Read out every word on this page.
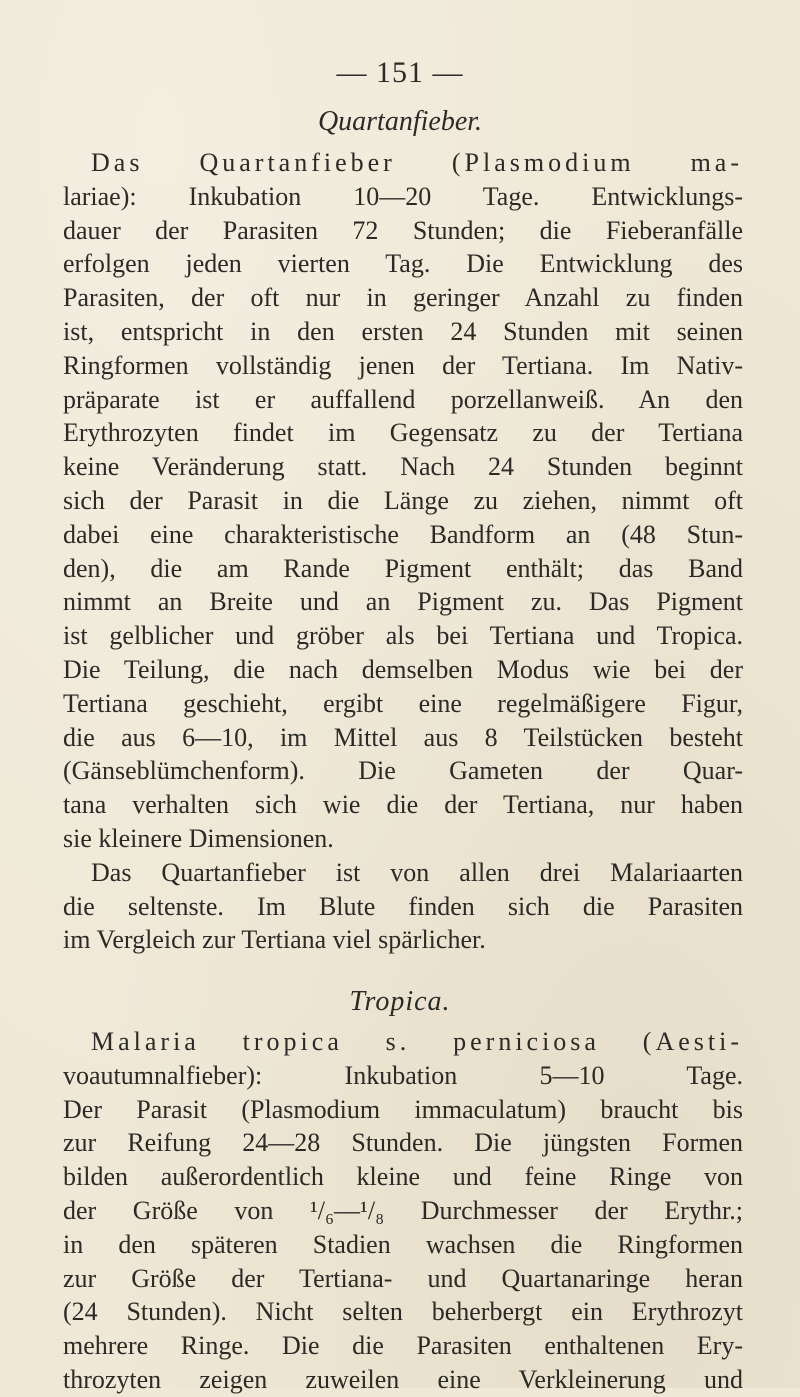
— 151 —
Quartanfieber.
Das Quartanfieber (Plasmodium ma-
lariae): Inkubation 10—20 Tage. Entwicklungs-
dauer der Parasiten 72 Stunden; die Fieberanfälle
erfolgen jeden vierten Tag. Die Entwicklung des
Parasiten, der oft nur in geringer Anzahl zu finden
ist, entspricht in den ersten 24 Stunden mit seinen
Ringformen vollständig jenen der Tertiana. Im Nativ-
präparate ist er auffallend porzellanweiß. An den
Erythrozyten findet im Gegensatz zu der Tertiana
keine Veränderung statt. Nach 24 Stunden beginnt
sich der Parasit in die Länge zu ziehen, nimmt oft
dabei eine charakteristische Bandform an (48 Stun-
den), die am Rande Pigment enthält; das Band
nimmt an Breite und an Pigment zu. Das Pigment
ist gelblicher und gröber als bei Tertiana und Tropica.
Die Teilung, die nach demselben Modus wie bei der
Tertiana geschieht, ergibt eine regelmäßigere Figur,
die aus 6—10, im Mittel aus 8 Teilstücken besteht
(Gänseblümchenform). Die Gameten der Quar-
tana verhalten sich wie die der Tertiana, nur haben
sie kleinere Dimensionen.
Das Quartanfieber ist von allen drei Malariaarten
die seltenste. Im Blute finden sich die Parasiten
im Vergleich zur Tertiana viel spärlicher.
Tropica.
Malaria tropica s. perniciosa (Aesti-
voautumnalfieber): Inkubation 5—10 Tage.
Der Parasit (Plasmodium immaculatum) braucht bis
zur Reifung 24—28 Stunden. Die jüngsten Formen
bilden außerordentlich kleine und feine Ringe von
der Größe von ¹/₆—¹/₈ Durchmesser der Erythr.;
in den späteren Stadien wachsen die Ringformen
zur Größe der Tertiana- und Quartanaringe heran
(24 Stunden). Nicht selten beherbergt ein Erythrozyt
mehrere Ringe. Die die Parasiten enthaltenen Ery-
throzyten zeigen zuweilen eine Verkleinerung und
